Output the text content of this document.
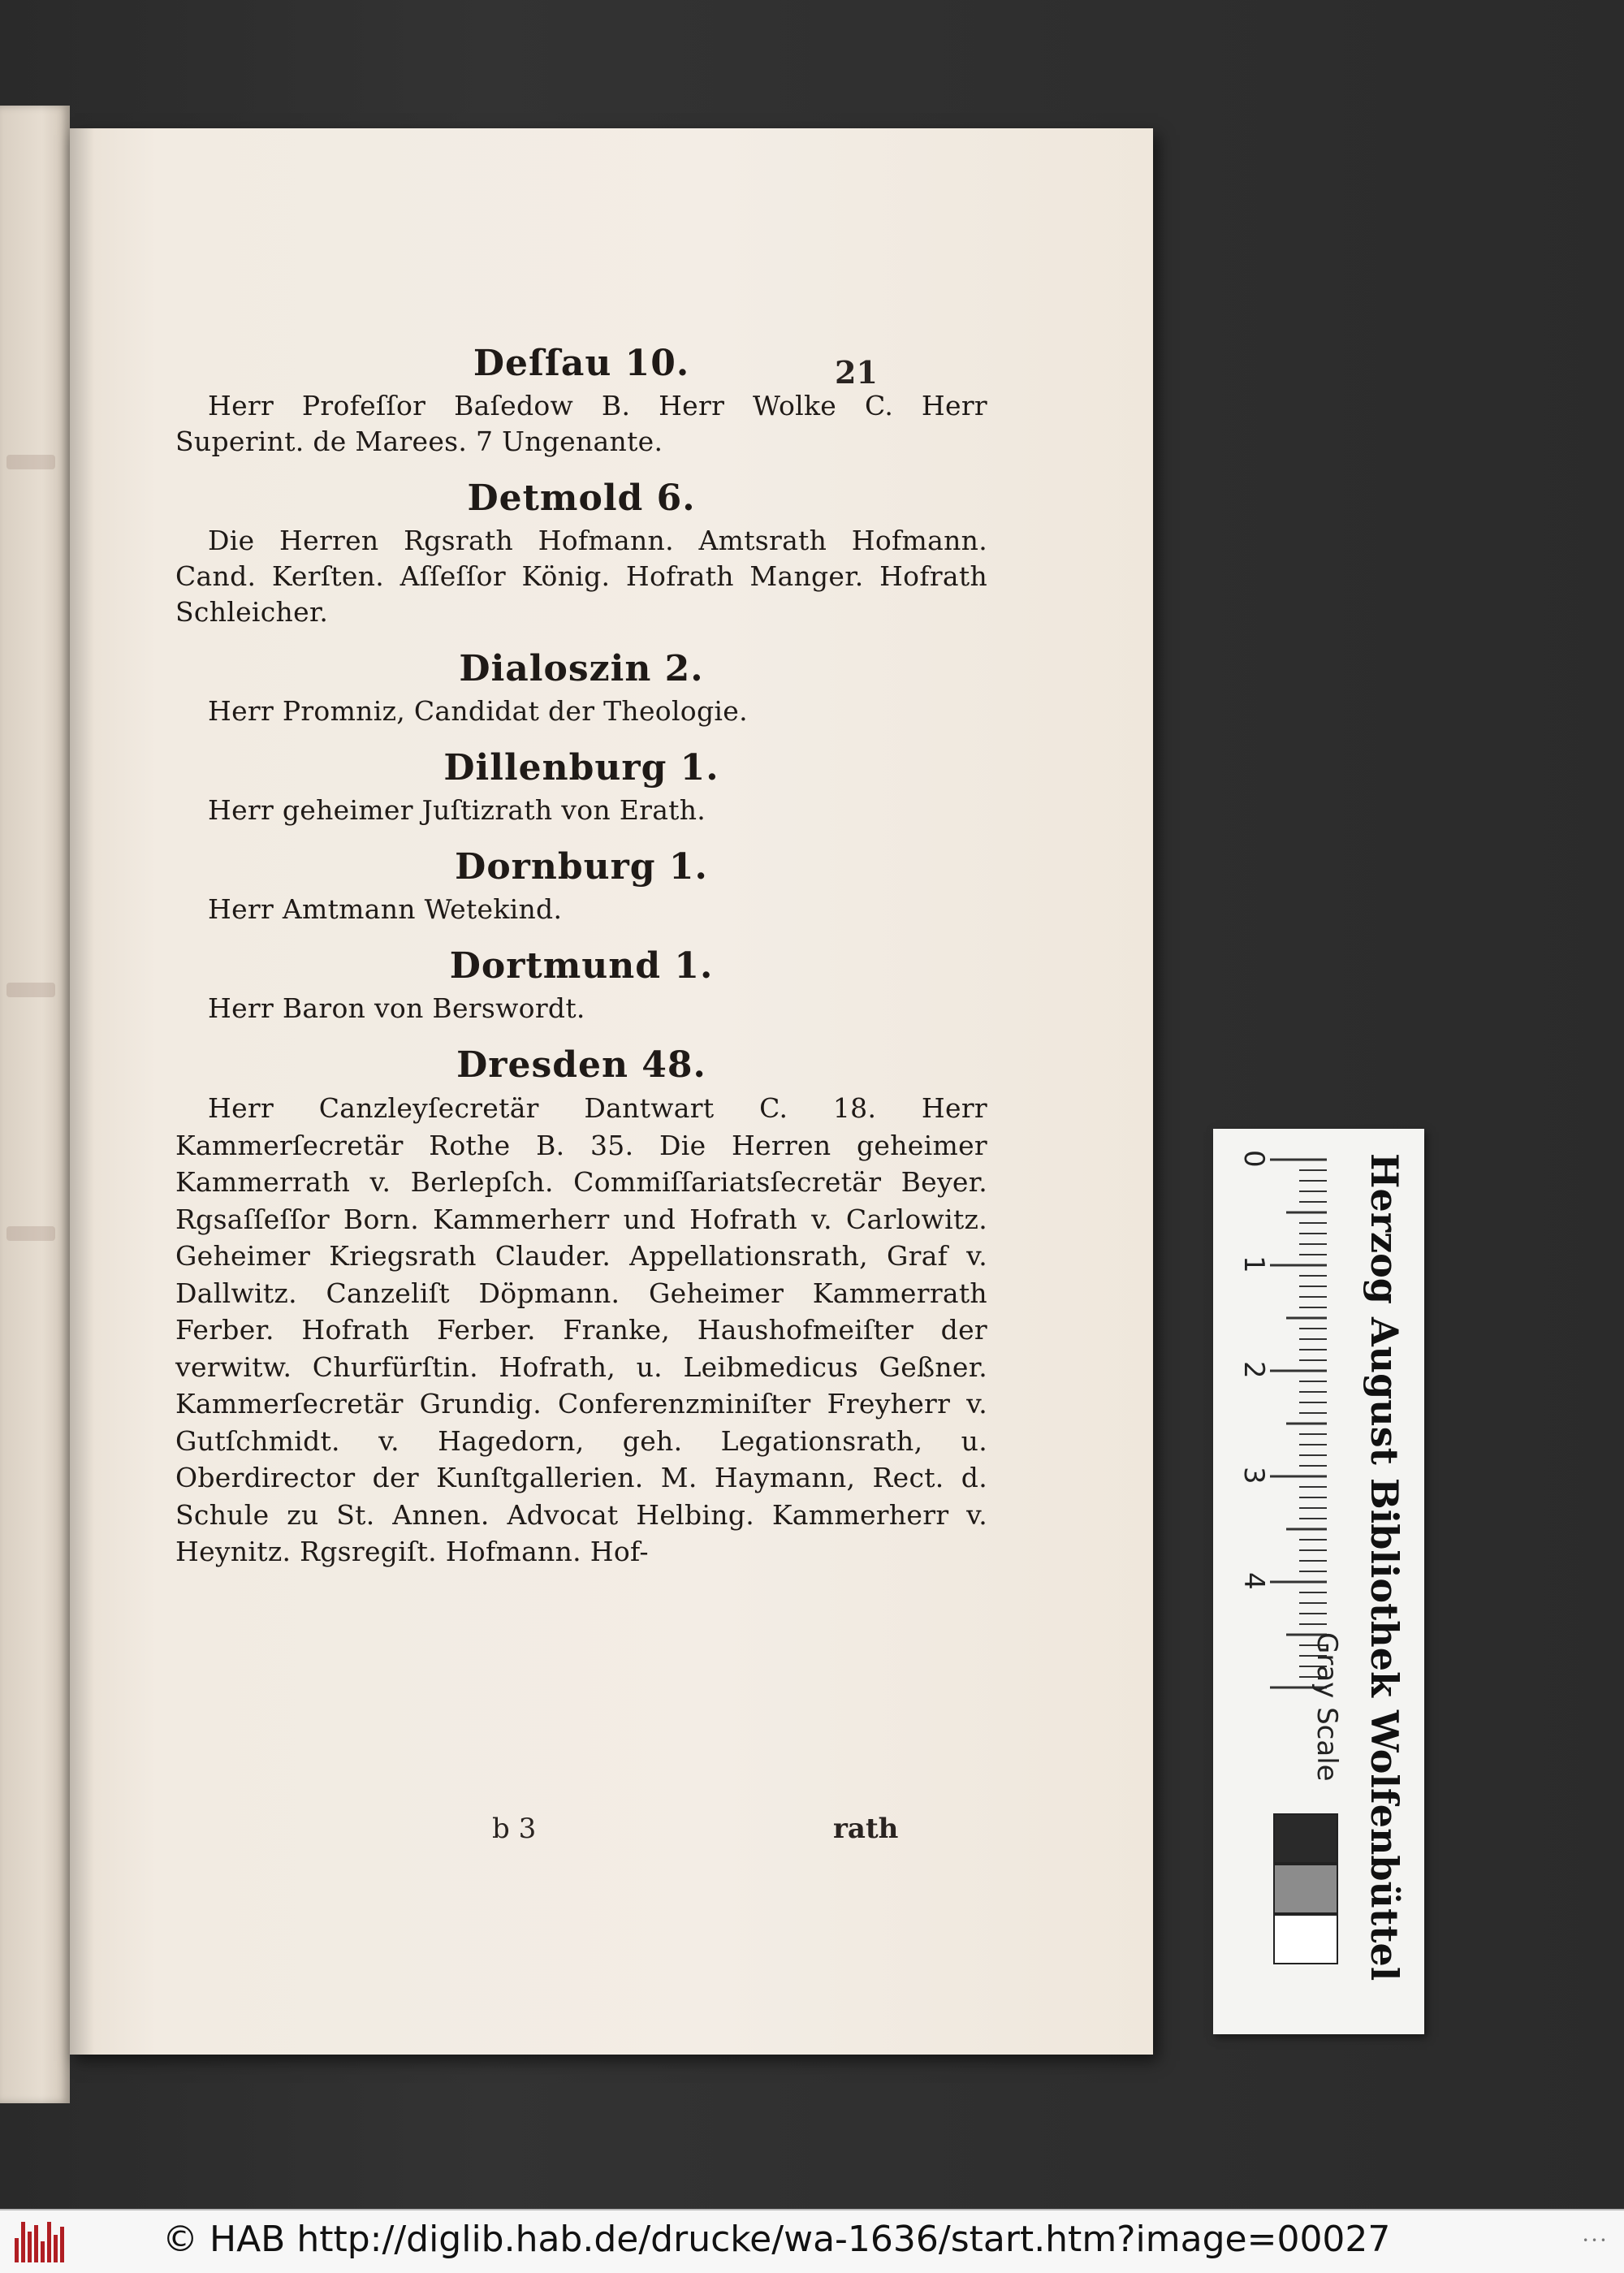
21

Deſſau 10.

Herr Profeſſor Baſedow B. Herr Wolke C. Herr Superint. de Marees. 7 Ungenante.

Detmold 6.

Die Herren Rgsrath Hofmann. Amtsrath Hofmann. Cand. Kerſten. Aſſeſſor König. Hofrath Manger. Hofrath Schleicher.

Dialoszin 2.

Herr Promniz, Candidat der Theologie.

Dillenburg 1.

Herr geheimer Juſtizrath von Erath.

Dornburg 1.

Herr Amtmann Wetekind.

Dortmund 1.

Herr Baron von Berswordt.

Dresden 48.

Herr Canzleyſecretär Dantwart C. 18. Herr Kammerſecretär Rothe B. 35. Die Herren geheimer Kammerrath v. Berlepſch. Commiſſariatsſecretär Beyer. Rgsaſſeſſor Born. Kammerherr und Hofrath v. Carlowitz. Geheimer Kriegsrath Clauder. Appellationsrath, Graf v. Dallwitz. Canzeliſt Döpmann. Geheimer Kammerrath Ferber. Hofrath Ferber. Franke, Haushofmeiſter der verwitw. Churfürſtin. Hofrath, u. Leibmedicus Geßner. Kammerſecretär Grundig. Conferenzminiſter Freyherr v. Gutſchmidt. v. Hagedorn, geh. Legationsrath, u. Oberdirector der Kunſtgallerien. M. Haymann, Rect. d. Schule zu St. Annen. Advocat Helbing. Kammerherr v. Heynitz. Rgsregiſt. Hofmann. Hof-

b 3	rath
0
1
2
3
4
Gray Scale Herzog August Bibliothek Wolfenbüttel
© HAB http://diglib.hab.de/drucke/wa-1636/start.htm?image=00027	• • •
